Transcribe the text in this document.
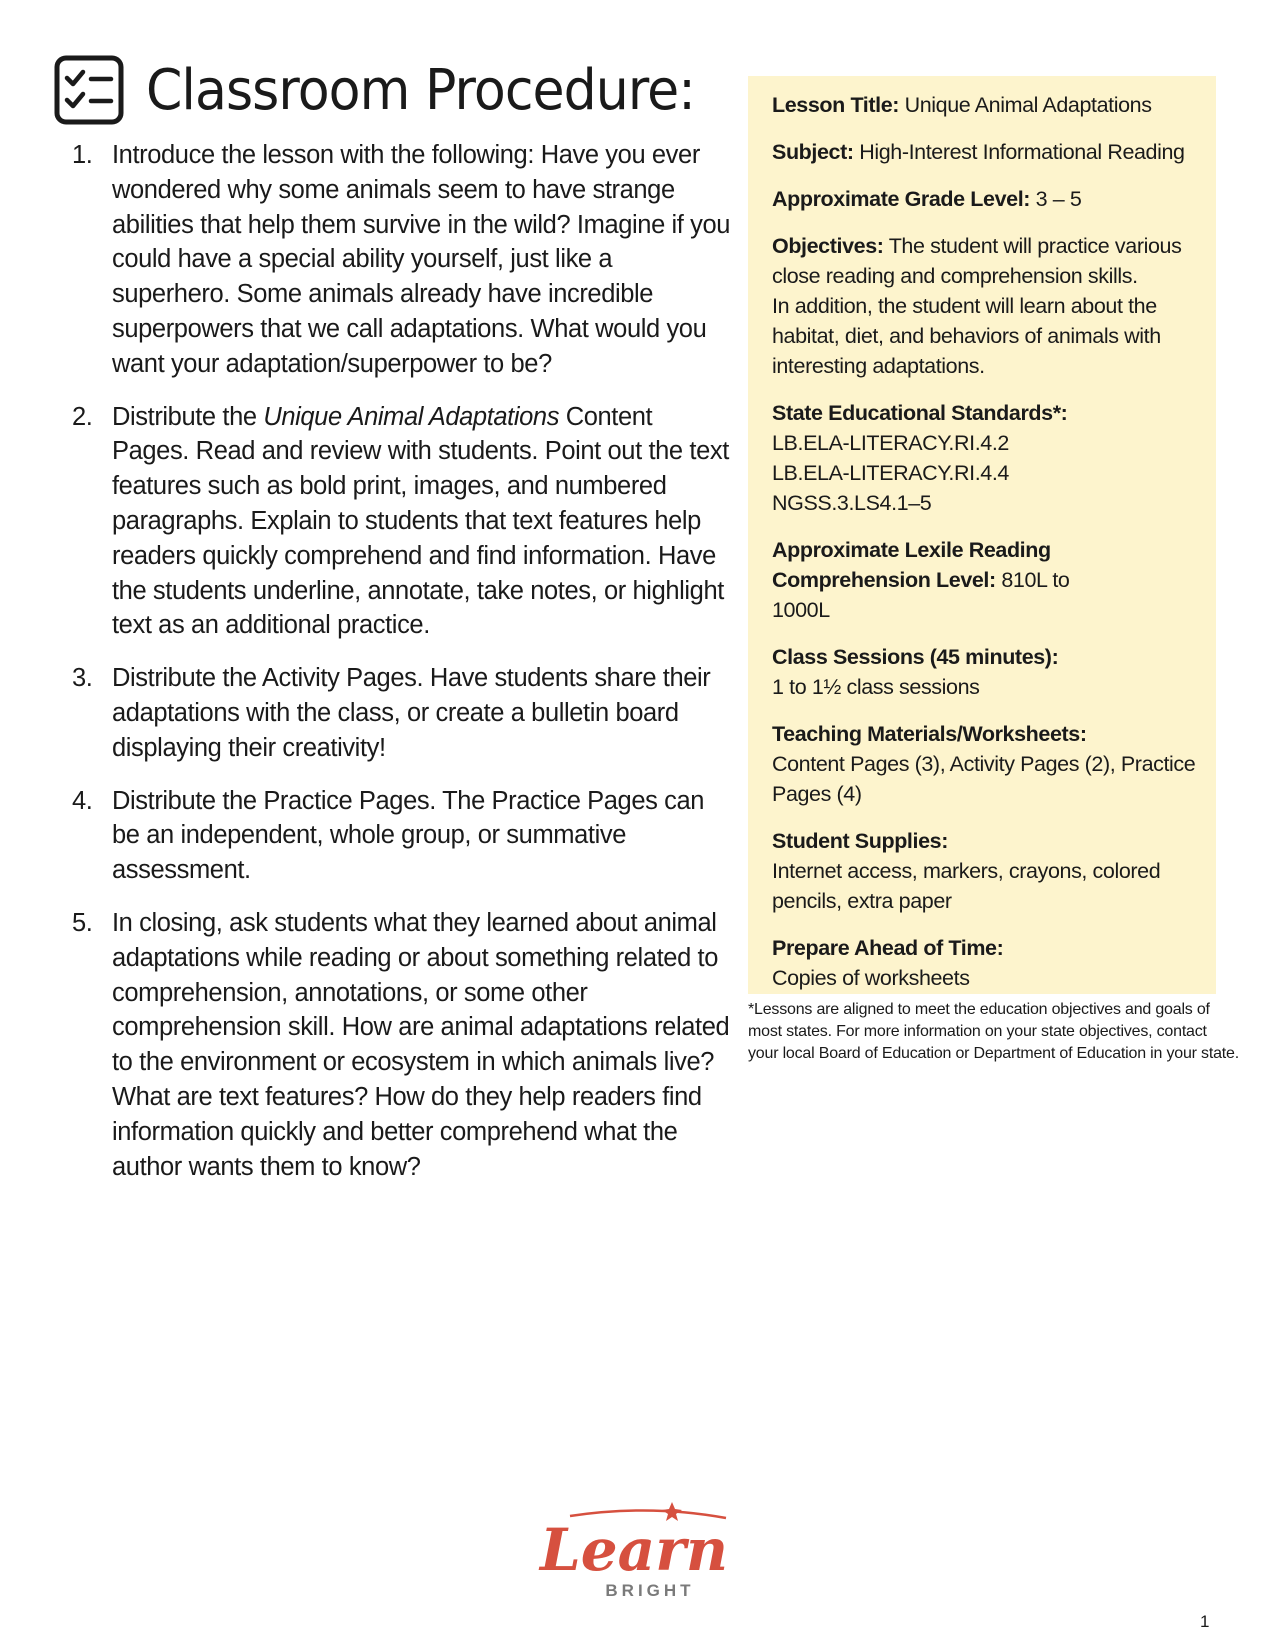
Classroom Procedure:
1. Introduce the lesson with the following: Have you ever wondered why some animals seem to have strange abilities that help them survive in the wild? Imagine if you could have a special ability yourself, just like a superhero. Some animals already have incredible superpowers that we call adaptations. What would you want your adaptation/superpower to be?
2. Distribute the Unique Animal Adaptations Content Pages. Read and review with students. Point out the text features such as bold print, images, and numbered paragraphs. Explain to students that text features help readers quickly comprehend and find information. Have the students underline, annotate, take notes, or highlight text as an additional practice.
3. Distribute the Activity Pages. Have students share their adaptations with the class, or create a bulletin board displaying their creativity!
4. Distribute the Practice Pages. The Practice Pages can be an independent, whole group, or summative assessment.
5. In closing, ask students what they learned about animal adaptations while reading or about something related to comprehension, annotations, or some other comprehension skill. How are animal adaptations related to the environment or ecosystem in which animals live? What are text features? How do they help readers find information quickly and better comprehend what the author wants them to know?
Lesson Title: Unique Animal Adaptations
Subject: High-Interest Informational Reading
Approximate Grade Level: 3 – 5
Objectives: The student will practice various close reading and comprehension skills.
In addition, the student will learn about the habitat, diet, and behaviors of animals with interesting adaptations.
State Educational Standards*:
LB.ELA-LITERACY.RI.4.2
LB.ELA-LITERACY.RI.4.4
NGSS.3.LS4.1–5
Approximate Lexile Reading Comprehension Level: 810L to 1000L
Class Sessions (45 minutes):
1 to 1½ class sessions
Teaching Materials/Worksheets:
Content Pages (3), Activity Pages (2), Practice Pages (4)
Student Supplies:
Internet access, markers, crayons, colored pencils, extra paper
Prepare Ahead of Time:
Copies of worksheets
*Lessons are aligned to meet the education objectives and goals of
most states. For more information on your state objectives, contact
your local Board of Education or Department of Education in your state.
Learn
BRIGHT
1
